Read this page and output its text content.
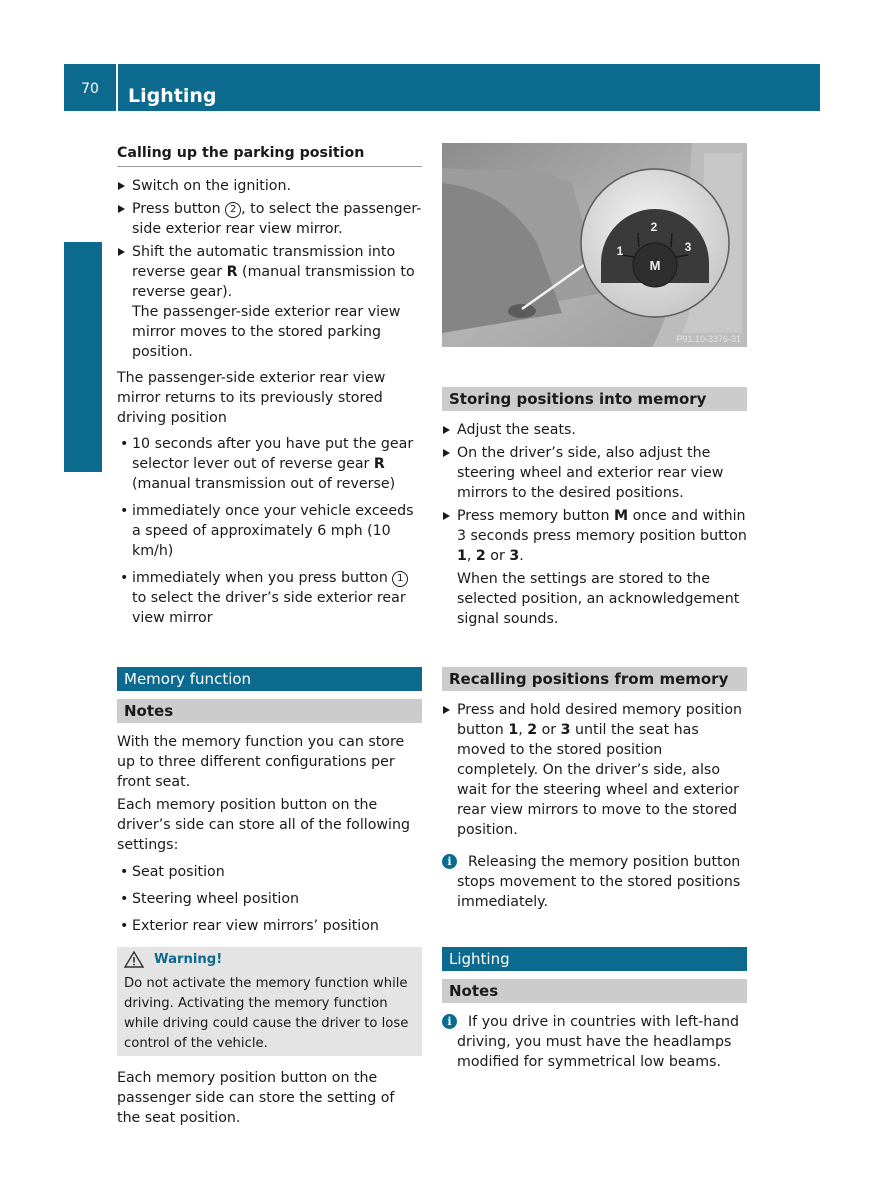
70	Lighting
Controls in detail
Calling up the parking position
Switch on the ignition.
Press button 2 , to select the passenger-side exterior rear view mirror.
Shift the automatic transmission into reverse gear R (manual transmission to reverse gear).
The passenger-side exterior rear view mirror moves to the stored parking position.
The passenger-side exterior rear view mirror returns to its previously stored driving position
• 10 seconds after you have put the gear selector lever out of reverse gear R (manual transmission out of reverse)
• immediately once your vehicle exceeds a speed of approximately 6 mph (10 km/h)
• immediately when you press button 1 to select the driver’s side exterior rear view mirror
Memory function
Notes
With the memory function you can store up to three different configurations per front seat.
Each memory position button on the driver’s side can store all of the following settings:
• Seat position
• Steering wheel position
• Exterior rear view mirrors’ position
Warning!
Do not activate the memory function while driving. Activating the memory function while driving could cause the driver to lose control of the vehicle.
Each memory position button on the passenger side can store the setting of the seat position.
1
2
3
M
P91.10-3376-31
Storing positions into memory
Adjust the seats.
On the driver’s side, also adjust the steering wheel and exterior rear view mirrors to the desired positions.
Press memory button M once and within 3 seconds press memory position button 1, 2 or 3.
When the settings are stored to the selected position, an acknowledgement signal sounds.
Recalling positions from memory
Press and hold desired memory position button 1, 2 or 3 until the seat has moved to the stored position completely. On the driver’s side, also wait for the steering wheel and exterior rear view mirrors to move to the stored position.
i	Releasing the memory position button stops movement to the stored positions immediately.
Lighting
Notes
i	If you drive in countries with left-hand driving, you must have the headlamps modified for symmetrical low beams.
